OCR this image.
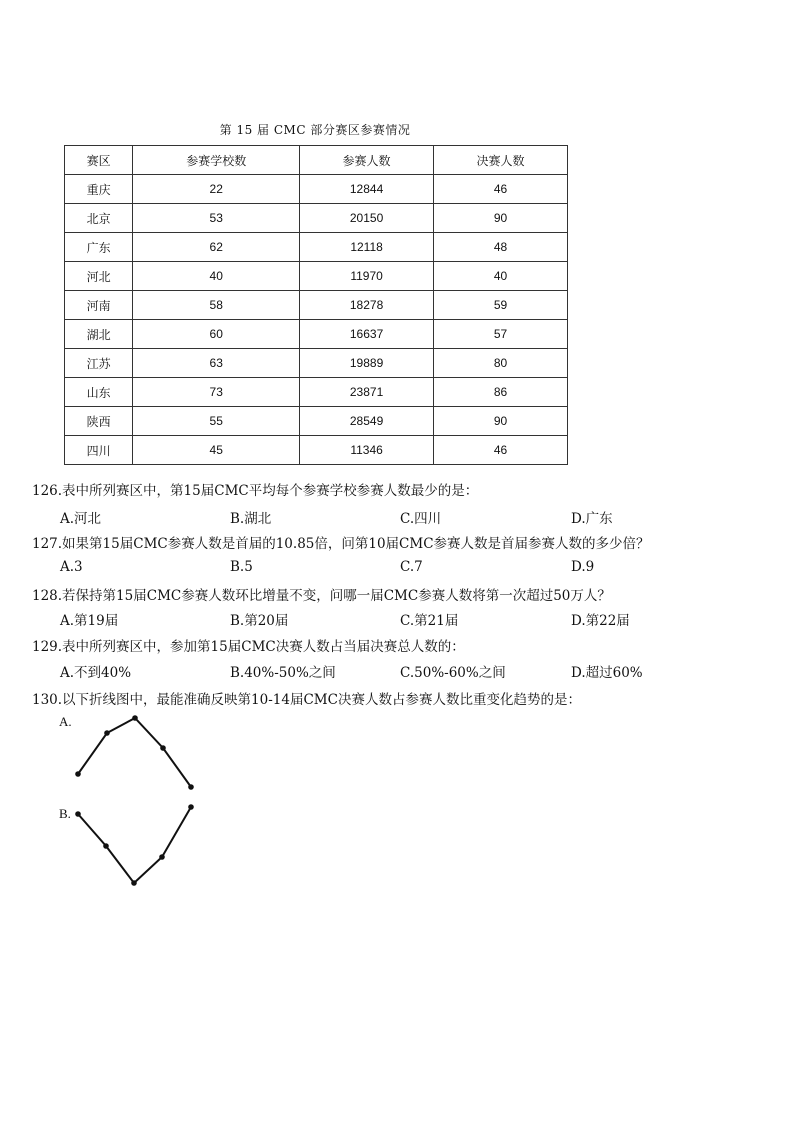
第 15 届 CMC 部分赛区参赛情况
赛区	参赛学校数	参赛人数	决赛人数
重庆	22	12844	46
北京	53	20150	90
广东	62	12118	48
河北	40	11970	40
河南	58	18278	59
湖北	60	16637	57
江苏	63	19889	80
山东	73	23871	86
陕西	55	28549	90
四川	45	11346	46
126.表中所列赛区中，第15届CMC平均每个参赛学校参赛人数最少的是：
A.河北	B.湖北	C.四川	D.广东
127.如果第15届CMC参赛人数是首届的10.85倍，问第10届CMC参赛人数是首届参赛人数的多少倍？
A.3	B.5	C.7	D.9
128.若保持第15届CMC参赛人数环比增量不变，问哪一届CMC参赛人数将第一次超过50万人？
A.第19届	B.第20届	C.第21届	D.第22届
129.表中所列赛区中，参加第15届CMC决赛人数占当届决赛总人数的：
A.不到40%	B.40%-50%之间	C.50%-60%之间	D.超过60%
130.以下折线图中，最能准确反映第10-14届CMC决赛人数占参赛人数比重变化趋势的是：
A.
B.
